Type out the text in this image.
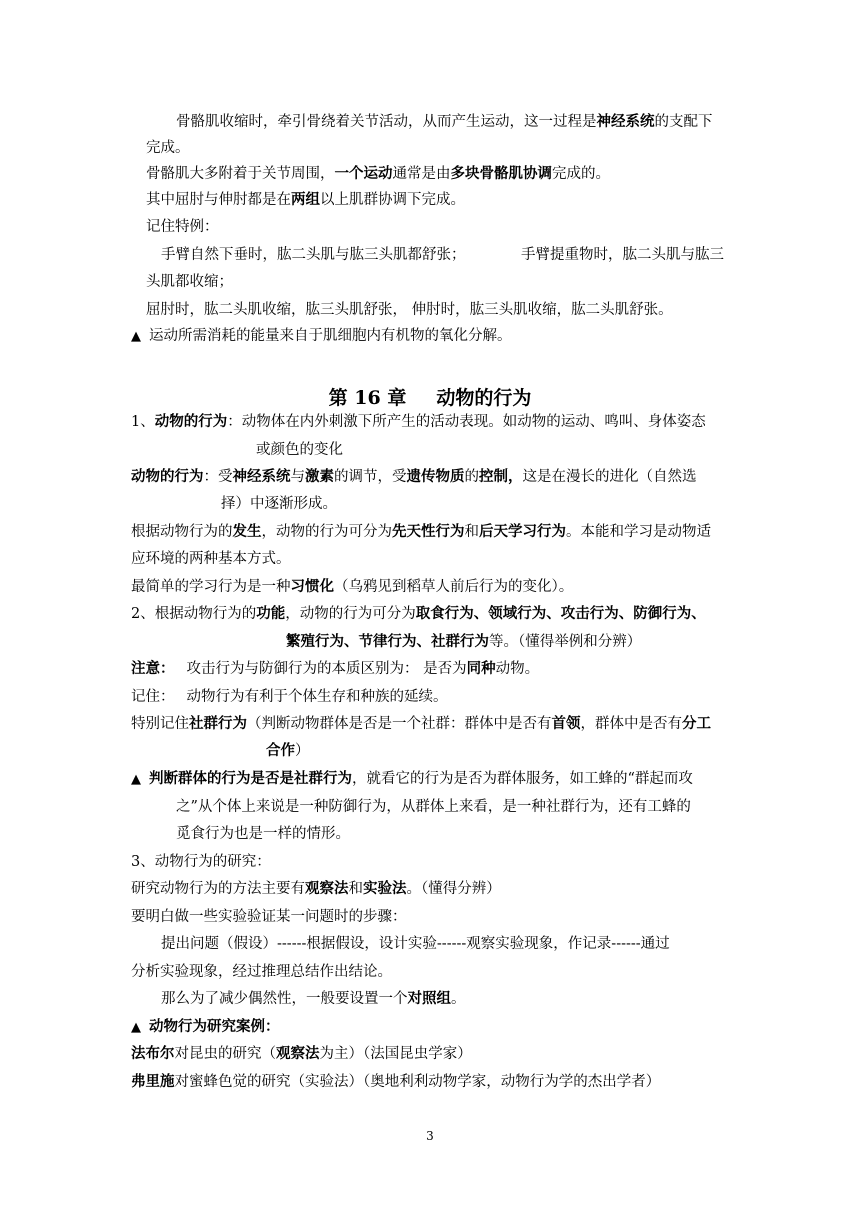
骨骼肌收缩时，牵引骨绕着关节活动，从而产生运动，这一过程是神经系统的支配下
完成。
骨骼肌大多附着于关节周围，一个运动通常是由多块骨骼肌协调完成的。
其中屈肘与伸肘都是在两组以上肌群协调下完成。
记住特例：
手臂自然下垂时，肱二头肌与肱三头肌都舒张；	手臂提重物时，肱二头肌与肱三
头肌都收缩；
屈肘时，肱二头肌收缩，肱三头肌舒张， 伸肘时，肱三头肌收缩，肱二头肌舒张。
▲ 运动所需消耗的能量来自于肌细胞内有机物的氧化分解。
第 16 章 动物的行为
1、动物的行为：动物体在内外刺激下所产生的活动表现。如动物的运动、鸣叫、身体姿态
或颜色的变化
动物的行为：受神经系统与激素的调节，受遗传物质的控制，这是在漫长的进化（自然选
择）中逐渐形成。
根据动物行为的发生，动物的行为可分为先天性行为和后天学习行为。本能和学习是动物适
应环境的两种基本方式。
最简单的学习行为是一种习惯化（乌鸦见到稻草人前后行为的变化）。
2、根据动物行为的功能，动物的行为可分为取食行为、领域行为、攻击行为、防御行为、
繁殖行为、节律行为、社群行为等。（懂得举例和分辨）
注意： 攻击行为与防御行为的本质区别为： 是否为同种动物。
记住： 动物行为有利于个体生存和种族的延续。
特别记住社群行为（判断动物群体是否是一个社群：群体中是否有首领，群体中是否有分工
合作）
▲ 判断群体的行为是否是社群行为，就看它的行为是否为群体服务，如工蜂的“群起而攻
之”从个体上来说是一种防御行为，从群体上来看，是一种社群行为，还有工蜂的
觅食行为也是一样的情形。
3、动物行为的研究：
研究动物行为的方法主要有观察法和实验法。（懂得分辨）
要明白做一些实验验证某一问题时的步骤：
提出问题（假设）------根据假设，设计实验------观察实验现象，作记录------通过
分析实验现象，经过推理总结作出结论。
那么为了减少偶然性，一般要设置一个对照组。
▲ 动物行为研究案例：
法布尔对昆虫的研究（观察法为主）（法国昆虫学家）
弗里施对蜜蜂色觉的研究（实验法）（奥地利利动物学家，动物行为学的杰出学者）
3
